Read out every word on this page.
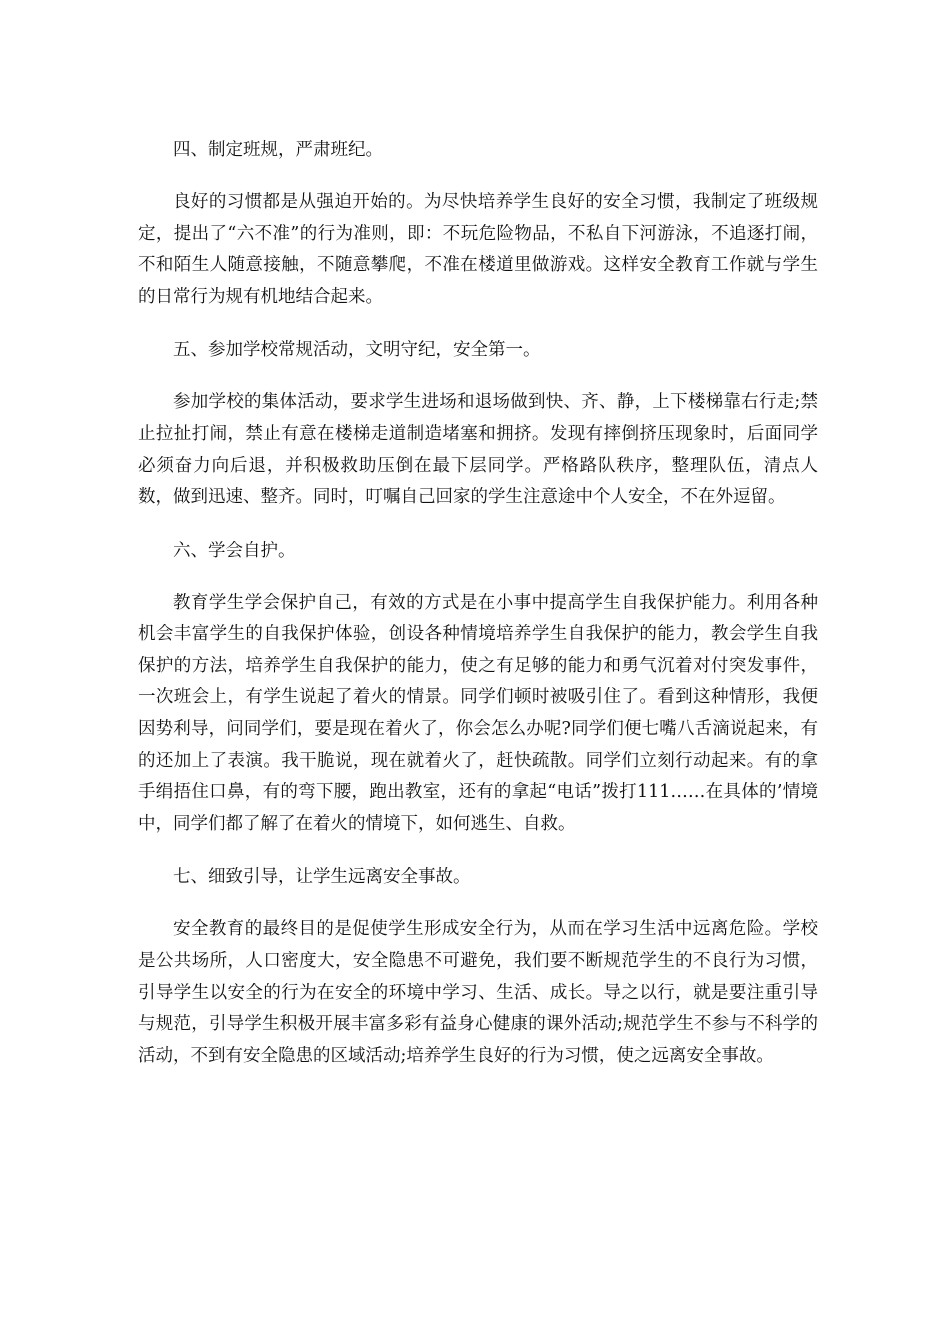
四、制定班规，严肃班纪。

良好的习惯都是从强迫开始的。为尽快培养学生良好的安全习惯，我制定了班级规定，提出了“六不准”的行为准则，即：不玩危险物品，不私自下河游泳，不追逐打闹，不和陌生人随意接触，不随意攀爬，不准在楼道里做游戏。这样安全教育工作就与学生的日常行为规有机地结合起来。

五、参加学校常规活动，文明守纪，安全第一。

参加学校的集体活动，要求学生进场和退场做到快、齐、静，上下楼梯靠右行走;禁止拉扯打闹，禁止有意在楼梯走道制造堵塞和拥挤。发现有摔倒挤压现象时，后面同学必须奋力向后退，并积极救助压倒在最下层同学。严格路队秩序，整理队伍，清点人数，做到迅速、整齐。同时，叮嘱自己回家的学生注意途中个人安全，不在外逗留。

六、学会自护。

教育学生学会保护自己，有效的方式是在小事中提高学生自我保护能力。利用各种机会丰富学生的自我保护体验，创设各种情境培养学生自我保护的能力，教会学生自我保护的方法，培养学生自我保护的能力，使之有足够的能力和勇气沉着对付突发事件，一次班会上，有学生说起了着火的情景。同学们顿时被吸引住了。看到这种情形，我便因势利导，问同学们，要是现在着火了，你会怎么办呢?同学们便七嘴八舌滴说起来，有的还加上了表演。我干脆说，现在就着火了，赶快疏散。同学们立刻行动起来。有的拿手绢捂住口鼻，有的弯下腰，跑出教室，还有的拿起“电话”拨打111……在具体的’情境中，同学们都了解了在着火的情境下，如何逃生、自救。

七、细致引导，让学生远离安全事故。

安全教育的最终目的是促使学生形成安全行为，从而在学习生活中远离危险。学校是公共场所，人口密度大，安全隐患不可避免，我们要不断规范学生的不良行为习惯，引导学生以安全的行为在安全的环境中学习、生活、成长。导之以行，就是要注重引导与规范，引导学生积极开展丰富多彩有益身心健康的课外活动;规范学生不参与不科学的活动，不到有安全隐患的区域活动;培养学生良好的行为习惯，使之远离安全事故。
